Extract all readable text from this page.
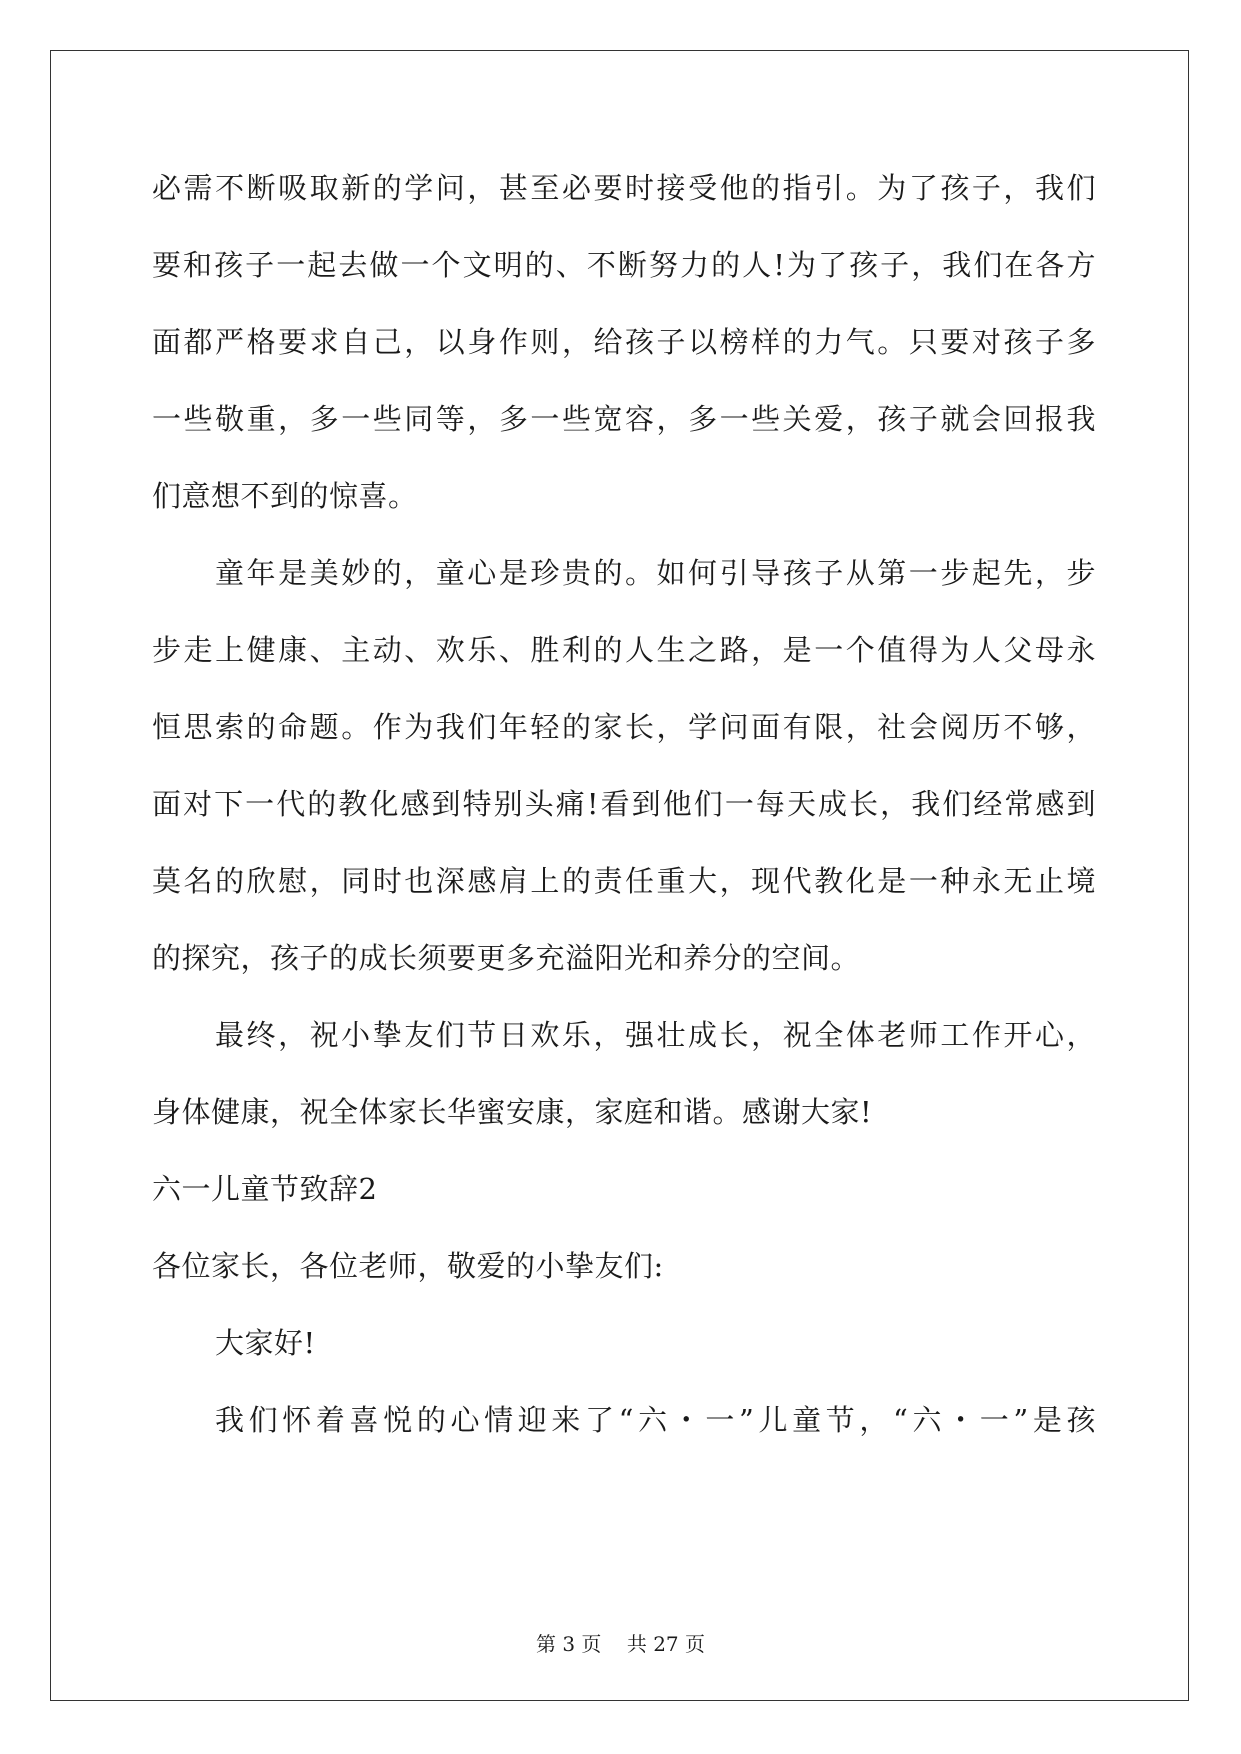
必需不断吸取新的学问，甚至必要时接受他的指引。为了孩子，我们
要和孩子一起去做一个文明的、不断努力的人!为了孩子，我们在各方
面都严格要求自己，以身作则，给孩子以榜样的力气。只要对孩子多
一些敬重，多一些同等，多一些宽容，多一些关爱，孩子就会回报我
们意想不到的惊喜。
童年是美妙的，童心是珍贵的。如何引导孩子从第一步起先，步
步走上健康、主动、欢乐、胜利的人生之路，是一个值得为人父母永
恒思索的命题。作为我们年轻的家长，学问面有限，社会阅历不够，
面对下一代的教化感到特别头痛!看到他们一每天成长，我们经常感到
莫名的欣慰，同时也深感肩上的责任重大，现代教化是一种永无止境
的探究，孩子的成长须要更多充溢阳光和养分的空间。
最终，祝小挚友们节日欢乐，强壮成长，祝全体老师工作开心，
身体健康，祝全体家长华蜜安康，家庭和谐。感谢大家!
六一儿童节致辞2
各位家长，各位老师，敬爱的小挚友们:
大家好!
我们怀着喜悦的心情迎来了“六・一”儿童节，“六・一”是孩
第 3 页    共 27 页
